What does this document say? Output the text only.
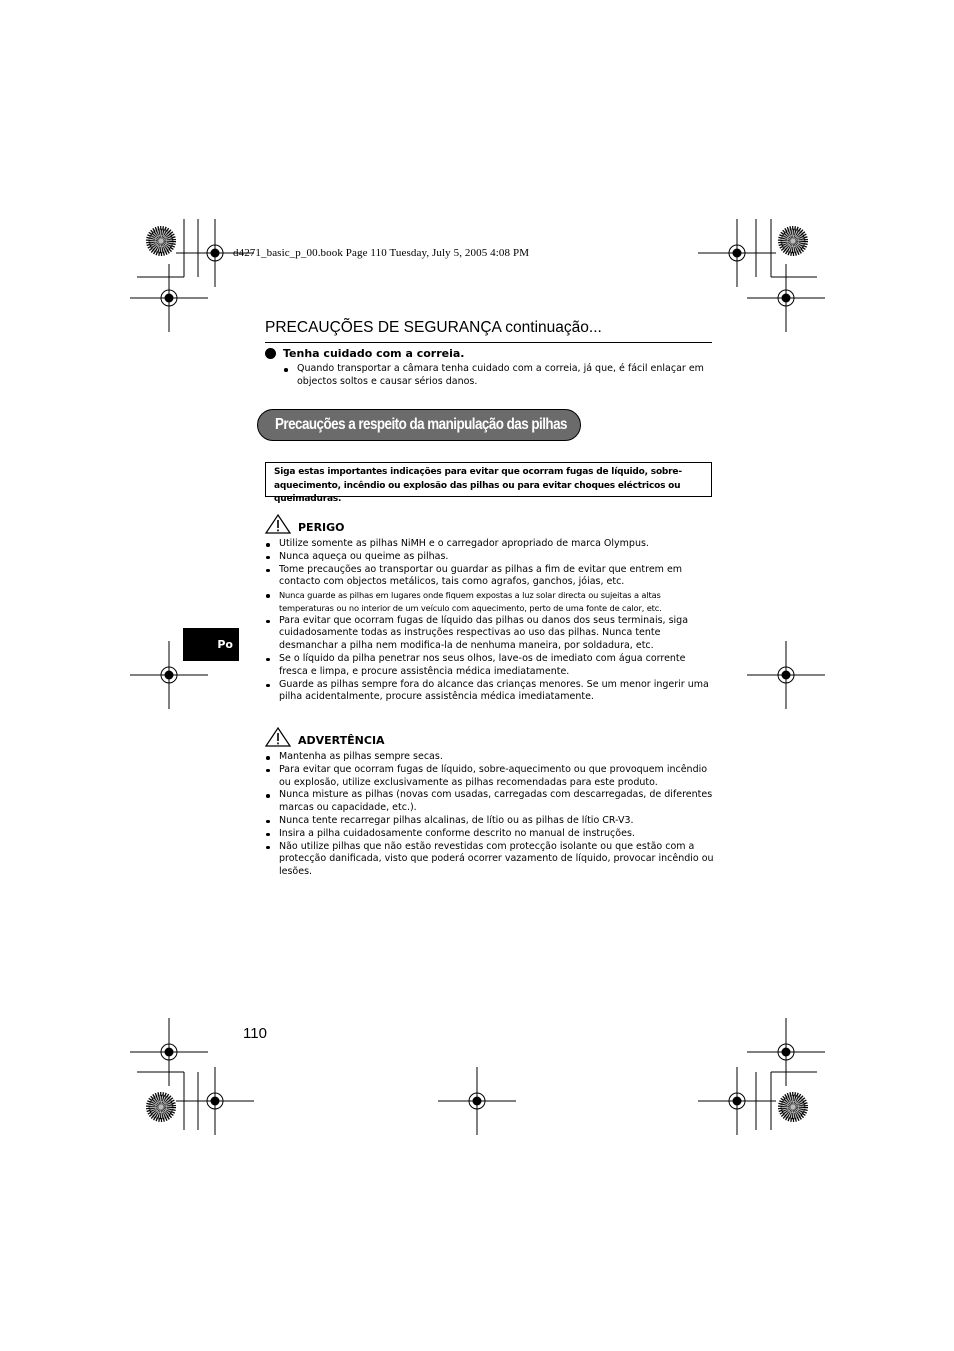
d4271_basic_p_00.book Page 110 Tuesday, July 5, 2005 4:08 PM
PRECAUÇÕES DE SEGURANÇA continuação...
Tenha cuidado com a correia.
Quando transportar a câmara tenha cuidado com a correia, já que, é fácil enlaçar em objectos soltos e causar sérios danos.
Precauções a respeito da manipulação das pilhas
Siga estas importantes indicações para evitar que ocorram fugas de líquido, sobre-aquecimento, incêndio ou explosão das pilhas ou para evitar choques eléctricos ou queimaduras.
PERIGO
Utilize somente as pilhas NiMH e o carregador apropriado de marca Olympus.
Nunca aqueça ou queime as pilhas.
Tome precauções ao transportar ou guardar as pilhas a fim de evitar que entrem em contacto com objectos metálicos, tais como agrafos, ganchos, jóias, etc.
Nunca guarde as pilhas em lugares onde fiquem expostas a luz solar directa ou sujeitas a altas temperaturas ou no interior de um veículo com aquecimento, perto de uma fonte de calor, etc.
Para evitar que ocorram fugas de líquido das pilhas ou danos dos seus terminais, siga cuidadosamente todas as instruções respectivas ao uso das pilhas. Nunca tente desmanchar a pilha nem modifica-la de nenhuma maneira, por soldadura, etc.
Se o líquido da pilha penetrar nos seus olhos, lave-os de imediato com água corrente fresca e limpa, e procure assistência médica imediatamente.
Guarde as pilhas sempre fora do alcance das crianças menores. Se um menor ingerir uma pilha acidentalmente, procure assistência médica imediatamente.
ADVERTÊNCIA
Mantenha as pilhas sempre secas.
Para evitar que ocorram fugas de líquido, sobre-aquecimento ou que provoquem incêndio ou explosão, utilize exclusivamente as pilhas recomendadas para este produto.
Nunca misture as pilhas (novas com usadas, carregadas com descarregadas, de diferentes marcas ou capacidade, etc.).
Nunca tente recarregar pilhas alcalinas, de lítio ou as pilhas de lítio CR-V3.
Insira a pilha cuidadosamente conforme descrito no manual de instruções.
Não utilize pilhas que não estão revestidas com protecção isolante ou que estão com a protecção danificada, visto que poderá ocorrer vazamento de líquido, provocar incêndio ou lesões.
Po
110
